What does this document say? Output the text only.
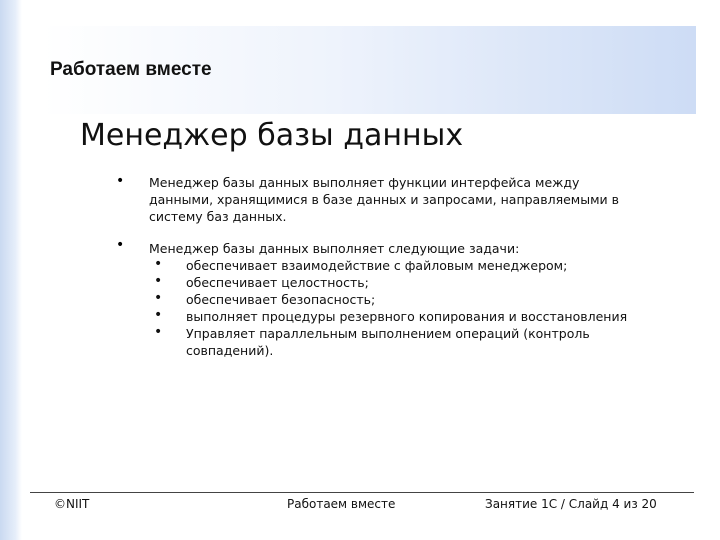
Работаем вместе
Менеджер базы данных
• Менеджер базы данных выполняет функции интерфейса между
данными, хранящимися в базе данных и запросами, направляемыми в
систему баз данных.
• Менеджер базы данных выполняет следующие задачи:
• обеспечивает взаимодействие с файловым менеджером;
• обеспечивает целостность;
• обеспечивает безопасность;
• выполняет процедуры резервного копирования и восстановления
• Управляет параллельным выполнением операций (контроль
совпадений).
©NIIT	Работаем вместе	Занятие 1C / Слайд 4 из 20
